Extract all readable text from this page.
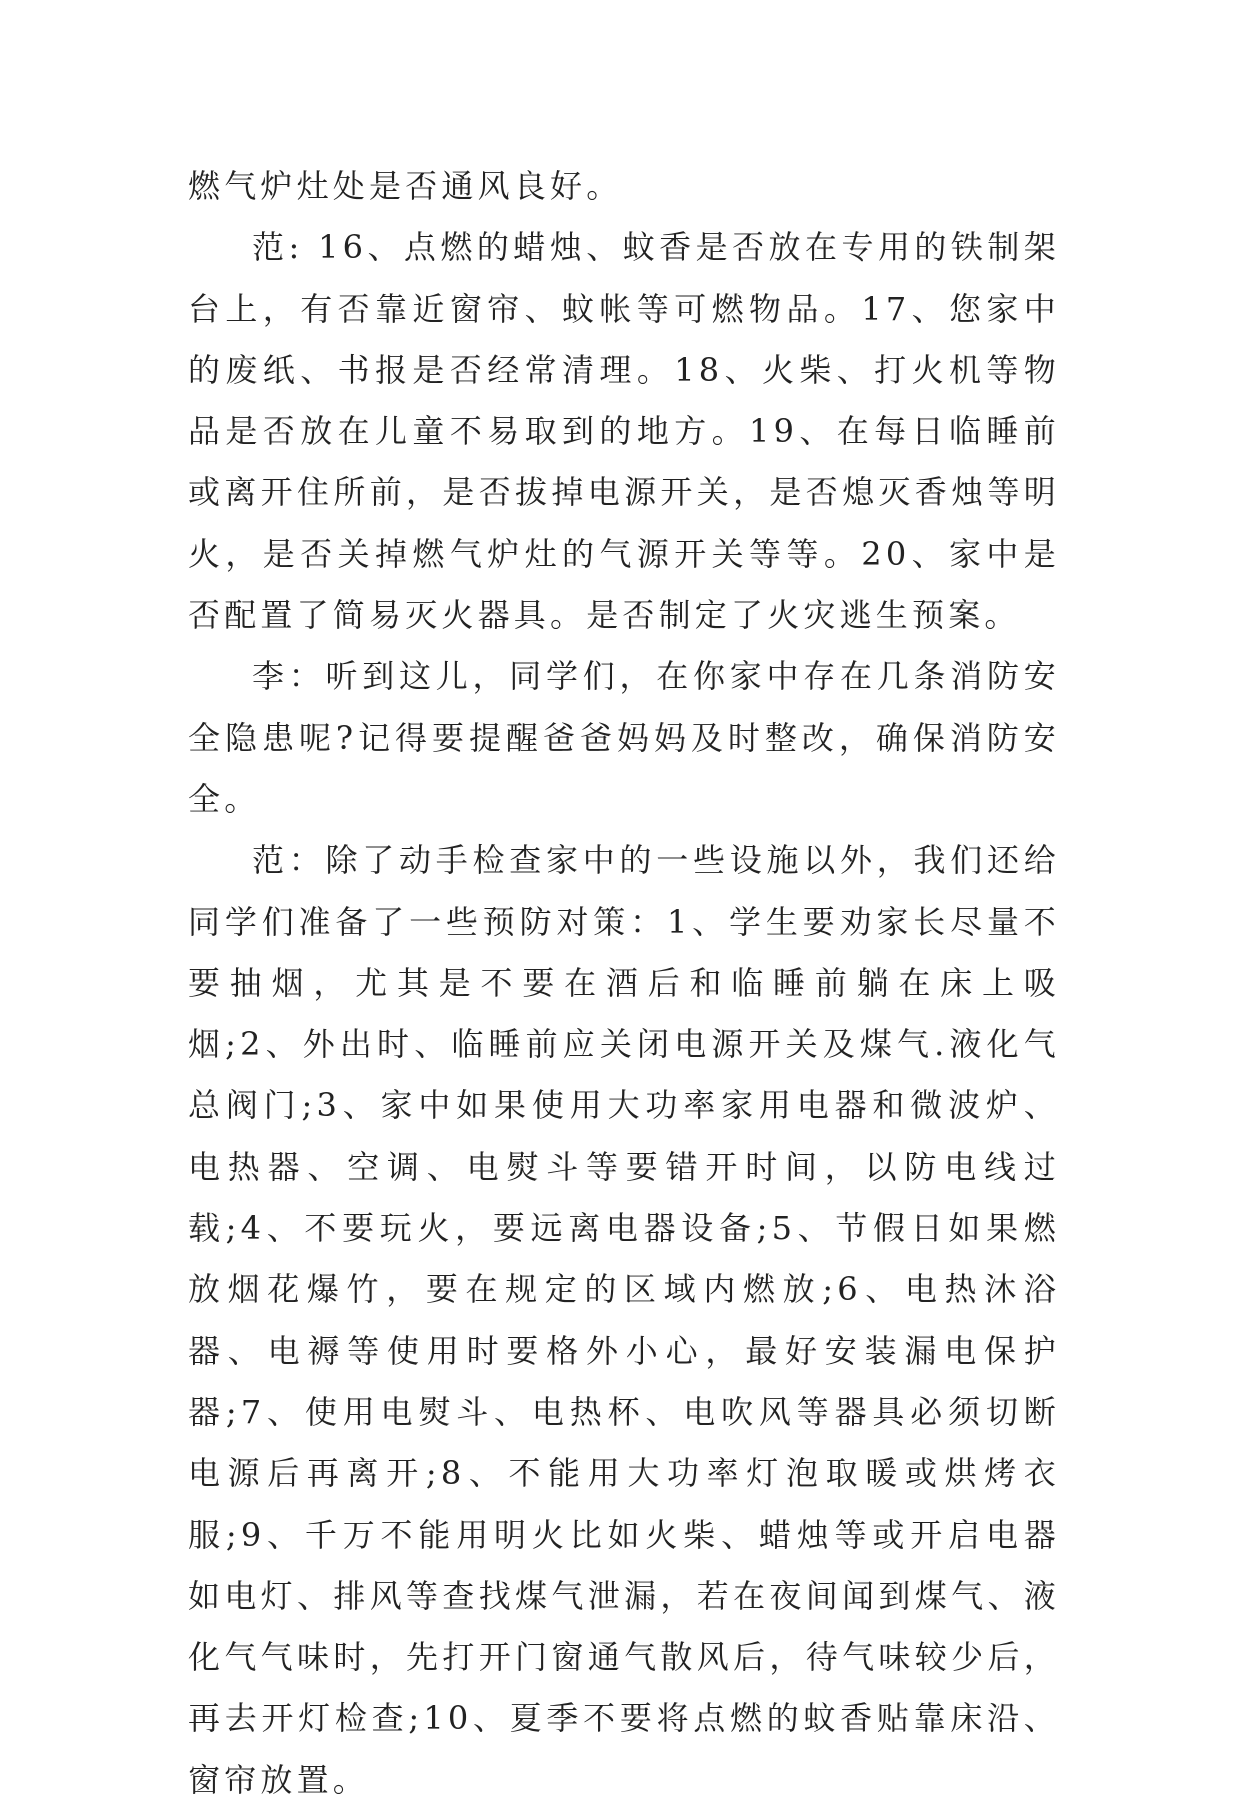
燃气炉灶处是否通风良好。

范: 16、点燃的蜡烛、蚊香是否放在专用的铁制架台上，有否靠近窗帘、蚊帐等可燃物品。17、您家中的废纸、书报是否经常清理。18、火柴、打火机等物品是否放在儿童不易取到的地方。19、在每日临睡前或离开住所前，是否拔掉电源开关，是否熄灭香烛等明火，是否关掉燃气炉灶的气源开关等等。20、家中是否配置了简易灭火器具。是否制定了火灾逃生预案。

李：听到这儿，同学们，在你家中存在几条消防安全隐患呢?记得要提醒爸爸妈妈及时整改，确保消防安全。

范：除了动手检查家中的一些设施以外，我们还给同学们准备了一些预防对策：1、学生要劝家长尽量不要抽烟，尤其是不要在酒后和临睡前躺在床上吸烟;2、外出时、临睡前应关闭电源开关及煤气.液化气总阀门;3、家中如果使用大功率家用电器和微波炉、电热器、空调、电熨斗等要错开时间，以防电线过载;4、不要玩火，要远离电器设备;5、节假日如果燃放烟花爆竹，要在规定的区域内燃放;6、电热沐浴器、电褥等使用时要格外小心，最好安装漏电保护器;7、使用电熨斗、电热杯、电吹风等器具必须切断电源后再离开;8、不能用大功率灯泡取暖或烘烤衣服;9、千万不能用明火比如火柴、蜡烛等或开启电器如电灯、排风等查找煤气泄漏，若在夜间闻到煤气、液化气气味时，先打开门窗通气散风后，待气味较少后，再去开灯检查;10、夏季不要将点燃的蚊香贴靠床沿、窗帘放置。
